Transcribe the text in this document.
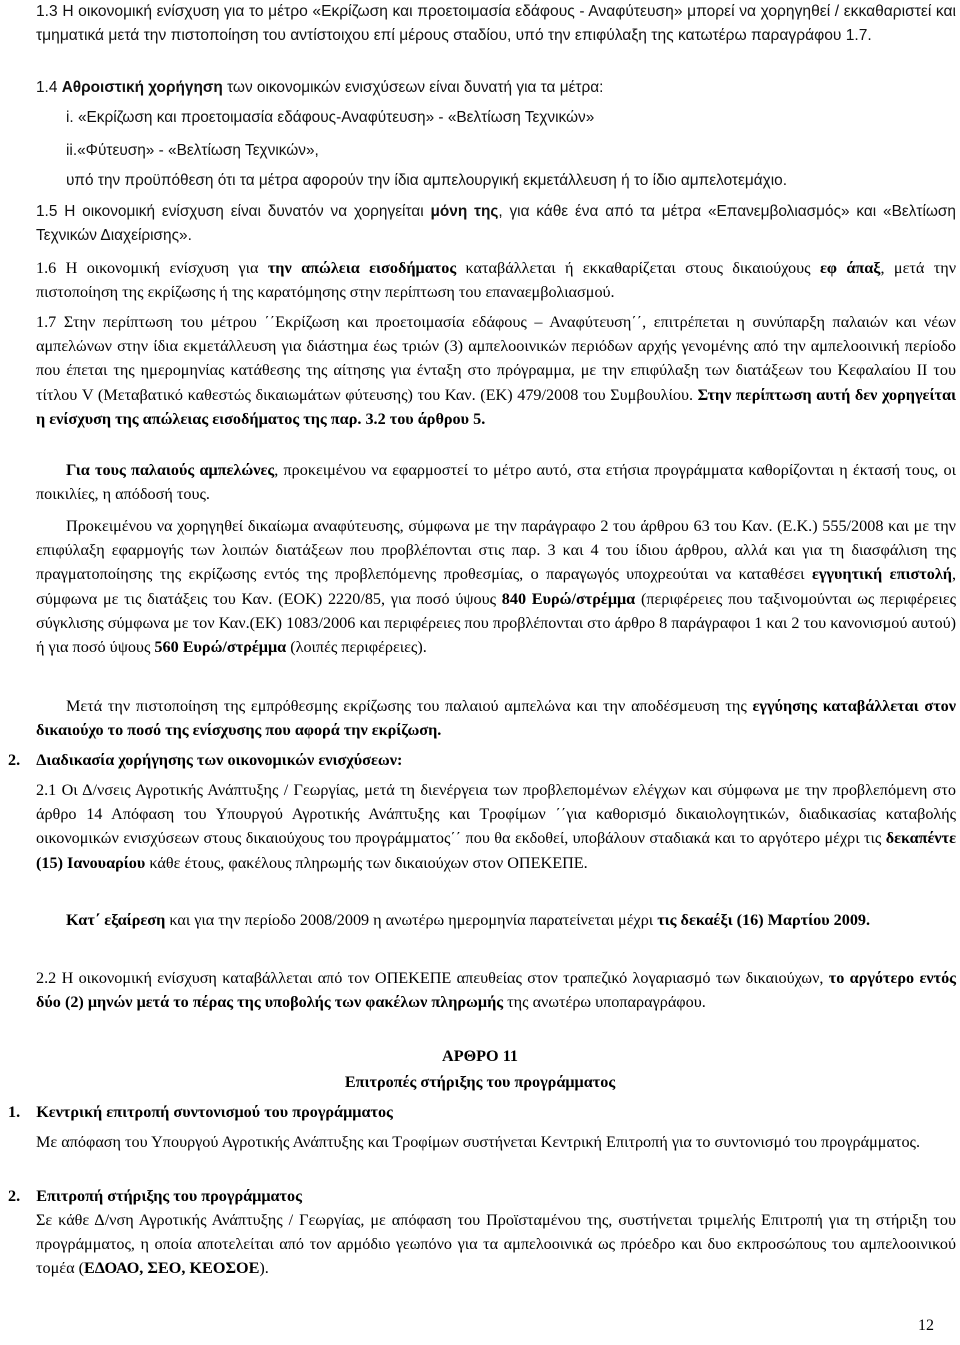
1.3 Η οικονομική ενίσχυση για το μέτρο «Εκρίζωση και προετοιμασία εδάφους - Αναφύτευση» μπορεί να χορηγηθεί / εκκαθαριστεί και τμηματικά μετά την πιστοποίηση του αντίστοιχου επί μέρους σταδίου, υπό την επιφύλαξη της κατωτέρω παραγράφου 1.7.
1.4 Αθροιστική χορήγηση των οικονομικών ενισχύσεων είναι δυνατή για τα μέτρα:
i. «Εκρίζωση και προετοιμασία εδάφους-Αναφύτευση» - «Βελτίωση Τεχνικών»
ii.«Φύτευση» - «Βελτίωση Τεχνικών»,
υπό την προϋπόθεση ότι τα μέτρα αφορούν την ίδια αμπελουργική εκμετάλλευση ή το ίδιο αμπελοτεμάχιο.
1.5 Η οικονομική ενίσχυση είναι δυνατόν να χορηγείται μόνη της, για κάθε ένα από τα μέτρα «Επανεμβολιασμός» και «Βελτίωση Τεχνικών Διαχείρισης».
1.6 Η οικονομική ενίσχυση για την απώλεια εισοδήματος καταβάλλεται ή εκκαθαρίζεται στους δικαιούχους εφ άπαξ, μετά την πιστοποίηση της εκρίζωσης ή της καρατόμησης στην περίπτωση του επαναεμβολιασμού.
1.7 Στην περίπτωση του μέτρου ΄΄Εκρίζωση και προετοιμασία εδάφους – Αναφύτευση΄΄, επιτρέπεται η συνύπαρξη παλαιών και νέων αμπελώνων στην ίδια εκμετάλλευση για διάστημα έως τριών (3) αμπελοοινικών περιόδων αρχής γενομένης από την αμπελοοινική περίοδο που έπεται της ημερομηνίας κατάθεσης της αίτησης για ένταξη στο πρόγραμμα, με την επιφύλαξη των διατάξεων του Κεφαλαίου ΙΙ του τίτλου V (Μεταβατικό καθεστώς δικαιωμάτων φύτευσης) του Καν. (ΕΚ) 479/2008 του Συμβουλίου. Στην περίπτωση αυτή δεν χορηγείται η ενίσχυση της απώλειας εισοδήματος της παρ. 3.2 του άρθρου 5.
Για τους παλαιούς αμπελώνες, προκειμένου να εφαρμοστεί το μέτρο αυτό, στα ετήσια προγράμματα καθορίζονται η έκτασή τους, οι ποικιλίες, η απόδοσή τους.
Προκειμένου να χορηγηθεί δικαίωμα αναφύτευσης, σύμφωνα με την παράγραφο 2 του άρθρου 63 του Καν. (Ε.Κ.) 555/2008 και με την επιφύλαξη εφαρμογής των λοιπών διατάξεων που προβλέπονται στις παρ. 3 και 4 του ίδιου άρθρου, αλλά και για τη διασφάλιση της πραγματοποίησης της εκρίζωσης εντός της προβλεπόμενης προθεσμίας, ο παραγωγός υποχρεούται να καταθέσει εγγυητική επιστολή, σύμφωνα με τις διατάξεις του Καν. (ΕΟΚ) 2220/85, για ποσό ύψους 840 Ευρώ/στρέμμα (περιφέρειες που ταξινομούνται ως περιφέρειες σύγκλισης σύμφωνα με τον Καν.(ΕΚ) 1083/2006 και περιφέρειες που προβλέπονται στο άρθρο 8 παράγραφοι 1 και 2 του κανονισμού αυτού) ή για ποσό ύψους 560 Ευρώ/στρέμμα (λοιπές περιφέρειες).
Μετά την πιστοποίηση της εμπρόθεσμης εκρίζωσης του παλαιού αμπελώνα και την αποδέσμευση της εγγύησης καταβάλλεται στον δικαιούχο το ποσό της ενίσχυσης που αφορά την εκρίζωση.
2. Διαδικασία χορήγησης των οικονομικών ενισχύσεων:
2.1 Οι Δ/νσεις Αγροτικής Ανάπτυξης / Γεωργίας, μετά τη διενέργεια των προβλεπομένων ελέγχων και σύμφωνα με την προβλεπόμενη στο άρθρο 14 Απόφαση του Υπουργού Αγροτικής Ανάπτυξης και Τροφίμων ΄΄για καθορισμό δικαιολογητικών, διαδικασίας καταβολής οικονομικών ενισχύσεων στους δικαιούχους του προγράμματος΄΄ που θα εκδοθεί, υποβάλουν σταδιακά και το αργότερο μέχρι τις δεκαπέντε (15) Ιανουαρίου κάθε έτους, φακέλους πληρωμής των δικαιούχων στον ΟΠΕΚΕΠΕ.
Κατ΄ εξαίρεση και για την περίοδο 2008/2009 η ανωτέρω ημερομηνία παρατείνεται μέχρι τις δεκαέξι (16) Μαρτίου 2009.
2.2 Η οικονομική ενίσχυση καταβάλλεται από τον ΟΠΕΚΕΠΕ απευθείας στον τραπεζικό λογαριασμό των δικαιούχων, το αργότερο εντός δύο (2) μηνών μετά το πέρας της υποβολής των φακέλων πληρωμής της ανωτέρω υποπαραγράφου.
ΑΡΘΡΟ 11
Επιτροπές στήριξης του προγράμματος
1. Κεντρική επιτροπή συντονισμού του προγράμματος
Με απόφαση του Υπουργού Αγροτικής Ανάπτυξης και Τροφίμων συστήνεται Κεντρική Επιτροπή για το συντονισμό του προγράμματος.
2. Επιτροπή στήριξης του προγράμματος
Σε κάθε Δ/νση Αγροτικής Ανάπτυξης / Γεωργίας, με απόφαση του Προϊσταμένου της, συστήνεται τριμελής Επιτροπή για τη στήριξη του προγράμματος, η οποία αποτελείται από τον αρμόδιο γεωπόνο για τα αμπελοοινικά ως πρόεδρο και δυο εκπροσώπους του αμπελοοινικού τομέα (ΕΔΟΑΟ, ΣΕΟ, ΚΕΟΣΟΕ).
12
